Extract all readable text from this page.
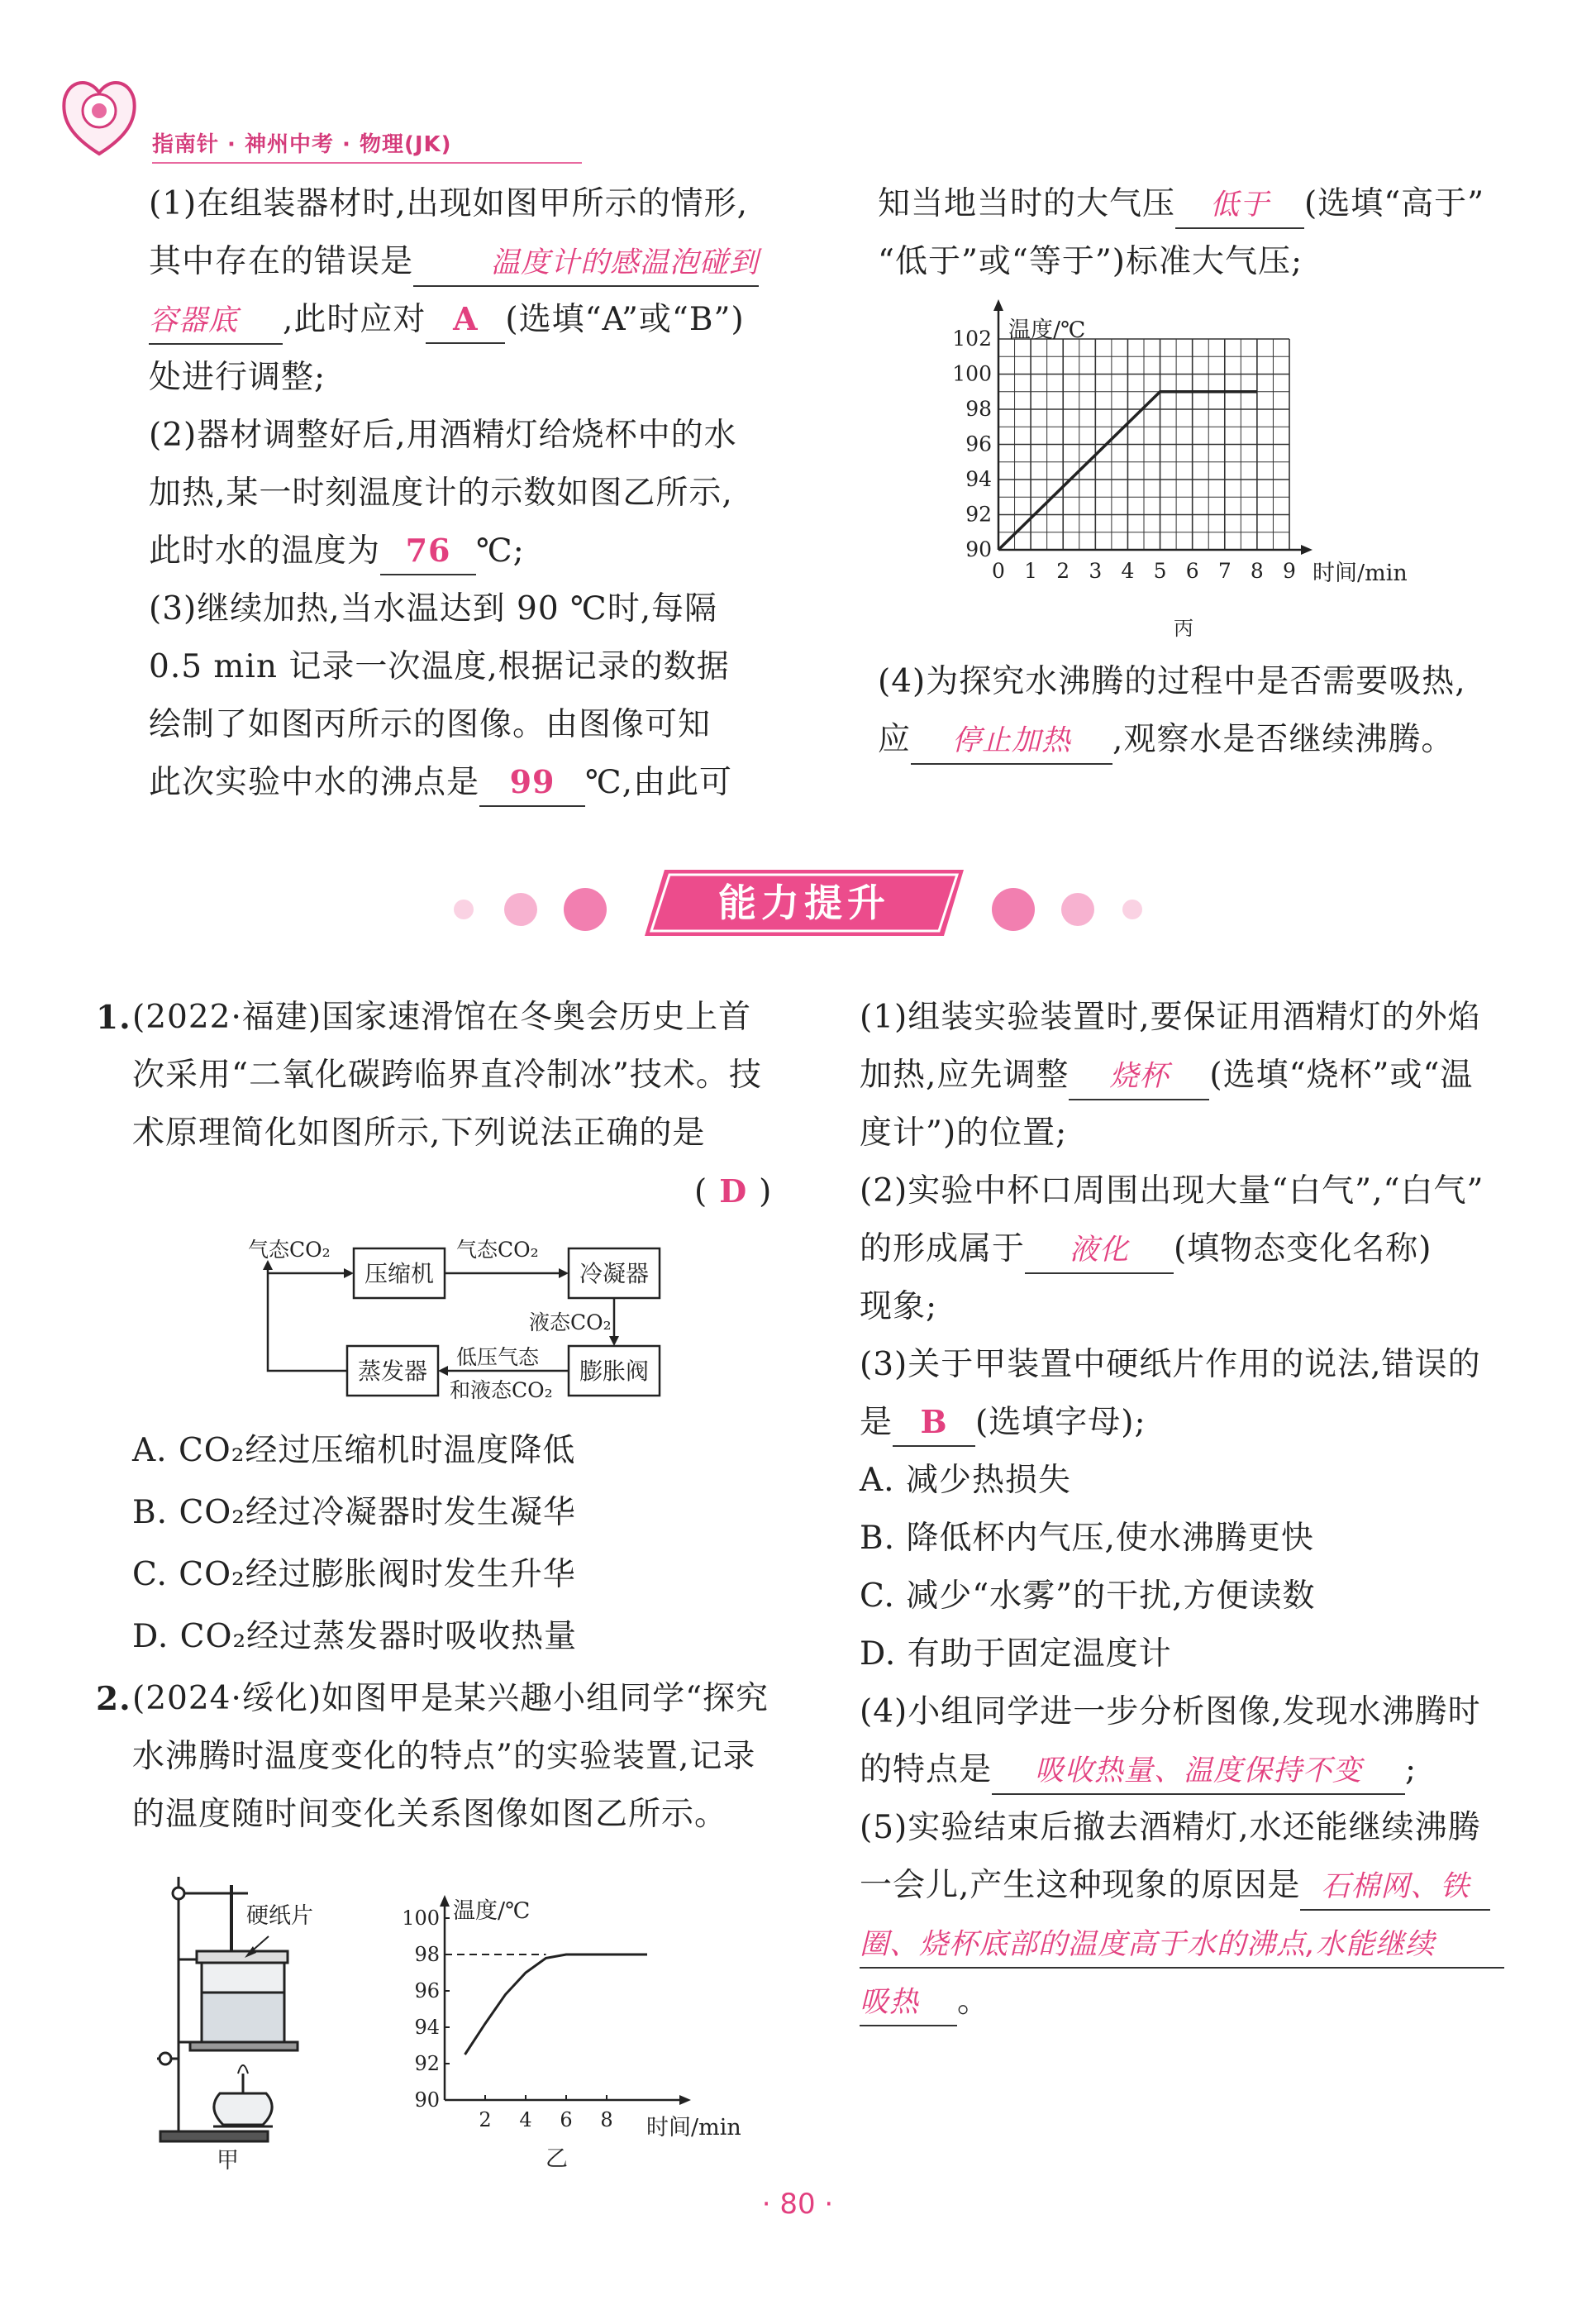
指南针 · 神州中考 · 物理(JK)
(1)在组装器材时,出现如图甲所示的情形,
其中存在的错误是	温度计的感温泡碰到
容器底 ,此时应对 A (选填“A”或“B”)
处进行调整;
(2)器材调整好后,用酒精灯给烧杯中的水
加热,某一时刻温度计的示数如图乙所示,
此时水的温度为 76 ℃;
(3)继续加热,当水温达到 90 ℃时,每隔
0.5 min 记录一次温度,根据记录的数据
绘制了如图丙所示的图像。由图像可知
此次实验中水的沸点是 99 ℃,由此可
知当地当时的大气压 低于 (选填“高于”
“低于”或“等于”)标准大气压;
温度/℃
102
100
98
96
94
92
90
0 1 2 3 4 5 6 7 8 9 时间/min
丙
(4)为探究水沸腾的过程中是否需要吸热,
应 停止加热 ,观察水是否继续沸腾。
能力提升
1. (2022·福建)国家速滑馆在冬奥会历史上首
次采用“二氧化碳跨临界直冷制冰”技术。技
术原理简化如图所示,下列说法正确的是
( D )
压缩机	冷凝器
蒸发器	膨胀阀
气态CO₂
液态CO₂
低压气态
和液态CO₂
气态CO₂
A. CO₂经过压缩机时温度降低
B. CO₂经过冷凝器时发生凝华
C. CO₂经过膨胀阀时发生升华
D. CO₂经过蒸发器时吸收热量
2. (2024·绥化)如图甲是某兴趣小组同学“探究
水沸腾时温度变化的特点”的实验装置,记录
的温度随时间变化关系图像如图乙所示。
硬纸片
甲
100
98
96
94
92
90
2 4 6 8
温度/℃
时间/min
乙
(1)组装实验装置时,要保证用酒精灯的外焰
加热,应先调整 烧杯 (选填“烧杯”或“温
度计”)的位置;
(2)实验中杯口周围出现大量“白气”,“白气”
的形成属于 液化 (填物态变化名称)
现象;
(3)关于甲装置中硬纸片作用的说法,错误的
是 B (选填字母);
A. 减少热损失
B. 降低杯内气压,使水沸腾更快
C. 减少“水雾”的干扰,方便读数
D. 有助于固定温度计
(4)小组同学进一步分析图像,发现水沸腾时
的特点是 吸收热量、温度保持不变 ;
(5)实验结束后撤去酒精灯,水还能继续沸腾
一会儿,产生这种现象的原因是 石棉网、铁
圈、烧杯底部的温度高于水的沸点,水能继续
吸热 。
· 80 ·
